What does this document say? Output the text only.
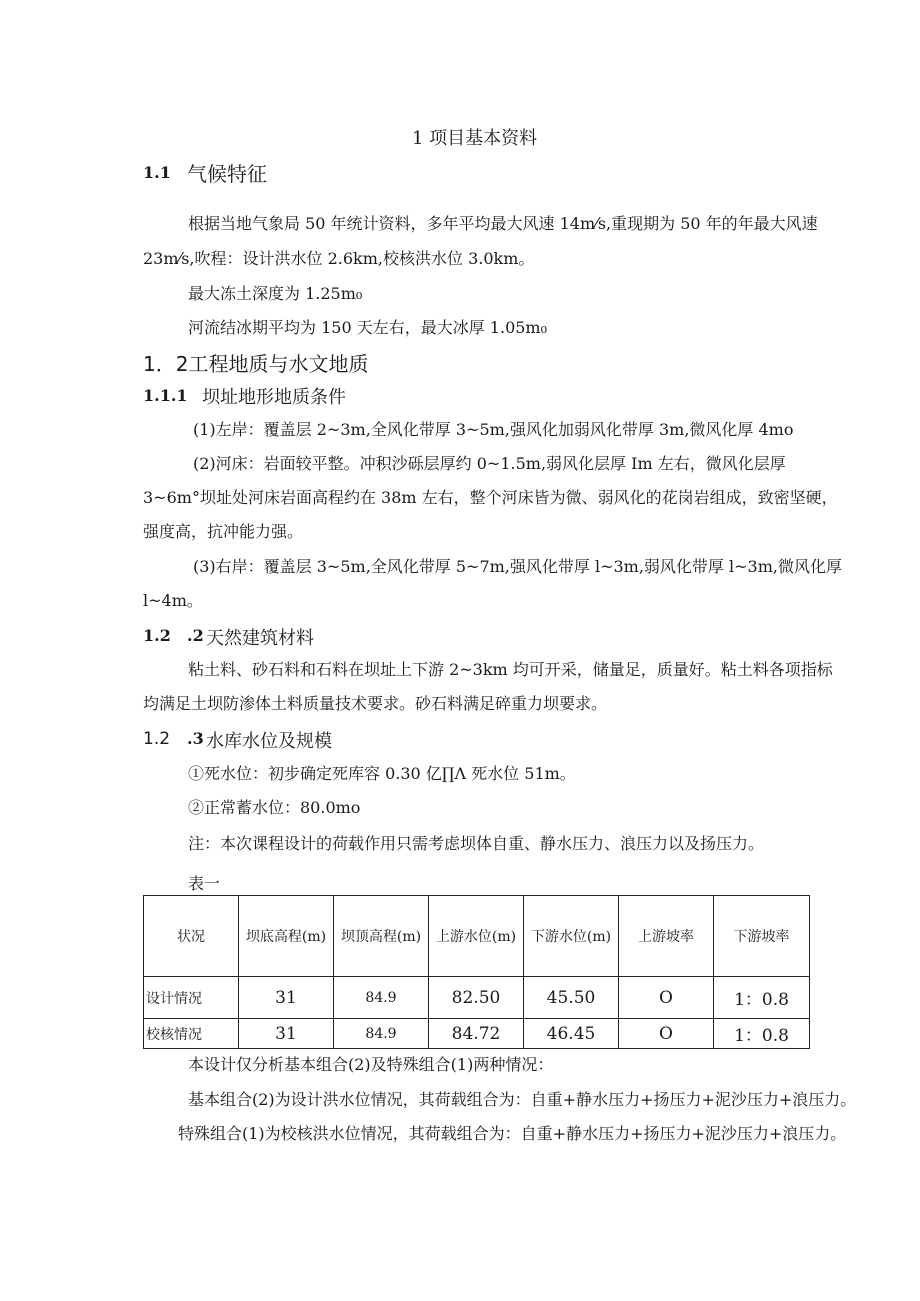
1 项目基本资料
1.1 气候特征
根据当地气象局 50 年统计资料，多年平均最大风速 14m⁄s,重现期为 50 年的年最大风速
23m⁄s,吹程：设计洪水位 2.6km,校核洪水位 3.0km。
最大冻土深度为 1.25m₀
河流结冰期平均为 150 天左右，最大冰厚 1.05m₀
1．2工程地质与水文地质
1.1.1 坝址地形地质条件
(1)左岸：覆盖层 2~3m,全风化带厚 3~5m,强风化加弱风化带厚 3m,微风化厚 4mo
(2)河床：岩面较平整。冲积沙砾层厚约 0~1.5m,弱风化层厚 Im 左右，微风化层厚
3~6m°坝址处河床岩面高程约在 38m 左右，整个河床皆为微、弱风化的花岗岩组成，致密坚硬，
强度高，抗冲能力强。
(3)右岸：覆盖层 3~5m,全风化带厚 5~7m,强风化带厚 l~3m,弱风化带厚 l~3m,微风化厚
l~4m。
1.2 .2 天然建筑材料
粘土料、砂石料和石料在坝址上下游 2~3km 均可开采，储量足，质量好。粘土料各项指标
均满足土坝防渗体土料质量技术要求。砂石料满足碎重力坝要求。
1.2 .3 水库水位及规模
①死水位：初步确定死库容 0.30 亿∏Λ 死水位 51m。
②正常蓄水位：80.0mo
注：本次课程设计的荷载作用只需考虑坝体自重、静水压力、浪压力以及扬压力。
表一
状况	坝底高程(m)	坝顶高程(m)	上游水位(m)	下游水位(m)	上游坡率	下游坡率
设计情况	31	84.9	82.50	45.50	O	1：0.8
校核情况	31	84.9	84.72	46.45	O	1：0.8
本设计仅分析基本组合(2)及特殊组合(1)两种情况：
基本组合(2)为设计洪水位情况，其荷载组合为：自重+静水压力+扬压力+泥沙压力+浪压力。
特殊组合(1)为校核洪水位情况，其荷载组合为：自重+静水压力+扬压力+泥沙压力+浪压力。
